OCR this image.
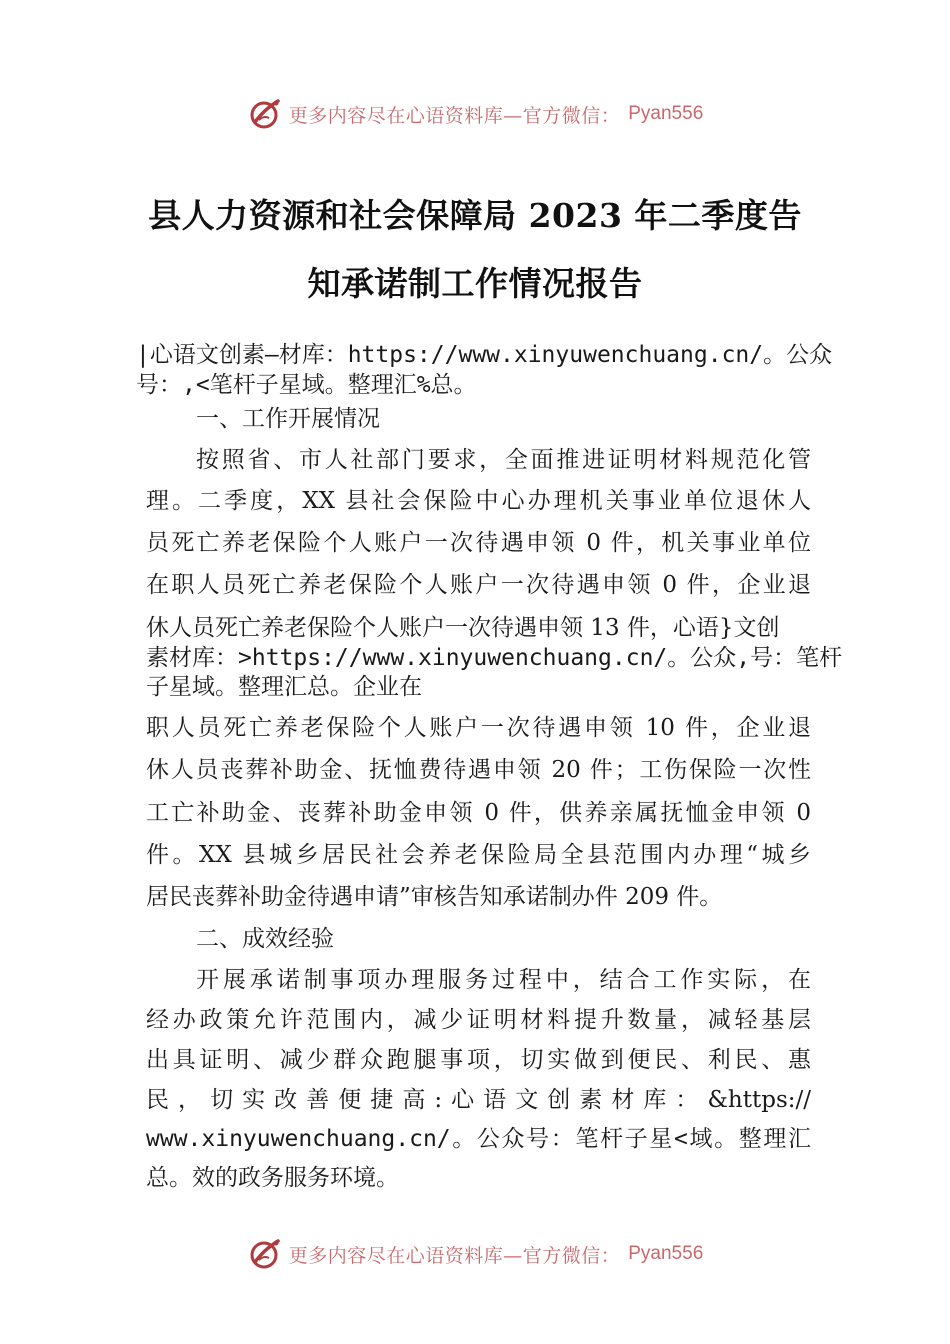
更多内容尽在心语资料库—官方微信： Pyan556
县人力资源和社会保障局 2023 年二季度告
知承诺制工作情况报告
|心语文创素—材库：https://www.xinyuwenchuang.cn/。公众
号：,<笔杆子星域。整理汇%总。
一、工作开展情况
按照省、市人社部门要求，全面推进证明材料规范化管
理。二季度，XX 县社会保险中心办理机关事业单位退休人
员死亡养老保险个人账户一次待遇申领 0 件，机关事业单位
在职人员死亡养老保险个人账户一次待遇申领 0 件，企业退
休人员死亡养老保险个人账户一次待遇申领 13 件，心语}文创
素材库：>https://www.xinyuwenchuang.cn/。公众,号：笔杆
子星域。整理汇总。企业在
职人员死亡养老保险个人账户一次待遇申领 10 件，企业退
休人员丧葬补助金、抚恤费待遇申领 20 件；工伤保险一次性
工亡补助金、丧葬补助金申领 0 件，供养亲属抚恤金申领 0
件。XX 县城乡居民社会养老保险局全县范围内办理“城乡
居民丧葬补助金待遇申请”审核告知承诺制办件 209 件。
二、成效经验
开展承诺制事项办理服务过程中，结合工作实际，在
经办政策允许范围内，减少证明材料提升数量，减轻基层
出具证明、减少群众跑腿事项，切实做到便民、利民、惠
民，切实改善便捷高:心语文创素材库：&https://
www.xinyuwenchuang.cn/。公众号：笔杆子星<域。整理汇
总。效的政务服务环境。
更多内容尽在心语资料库—官方微信： Pyan556
